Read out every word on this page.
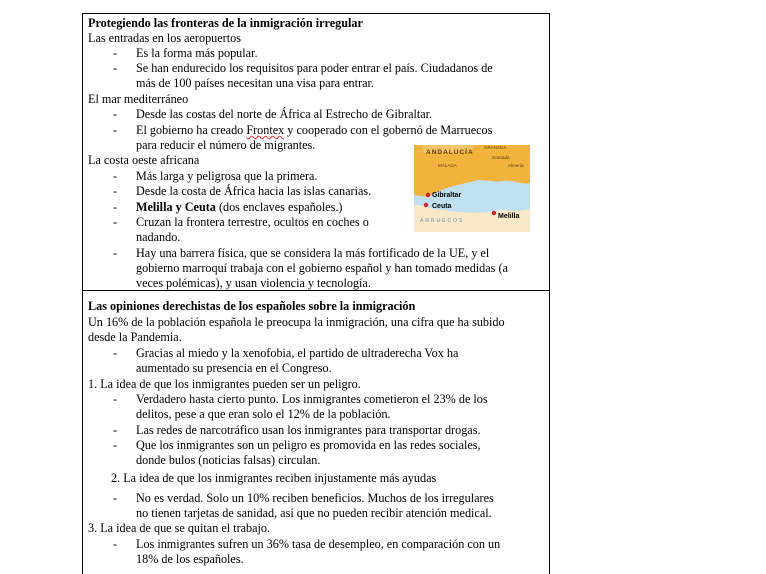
Protegiendo las fronteras de la inmigración irregular
Las entradas en los aeropuertos
- Es la forma más popular.
- Se han endurecido los requisitos para poder entrar el país. Ciudadanos de
más de 100 países necesitan una visa para entrar.
El mar mediterráneo
- Desde las costas del norte de África al Estrecho de Gibraltar.
- El gobierno ha creado Frontex y cooperado con el gobernó de Marruecos
para reducir el número de migrantes.
La costa oeste africana
- Más larga y peligrosa que la primera.
- Desde la costa de África hacia las islas canarias.
- Melilla y Ceuta (dos enclaves españoles.)
- Cruzan la frontera terrestre, ocultos en coches o
nadando.
- Hay una barrera física, que se considera la más fortificado de la UE, y el
gobierno marroquí trabaja con el gobierno español y han tomado medidas (a
veces polémicas), y usan violencia y tecnología.
ANDALUCÍA
GRANADA
MÁLAGA
Granada
Almería
Gibraltar
Ceuta
ARRUECOS
Melilla
Las opiniones derechistas de los españoles sobre la inmigración
Un 16% de la población española le preocupa la inmigración, una cifra que ha subido
desde la Pandemia.
- Gracias al miedo y la xenofobia, el partido de ultraderecha Vox ha
aumentado su presencia en el Congreso.
1. La idea de que los inmigrantes pueden ser un peligro.
- Verdadero hasta cierto punto. Los inmigrantes cometieron el 23% de los
delitos, pese a que eran solo el 12% de la población.
- Las redes de narcotráfico usan los inmigrantes para transportar drogas.
- Que los inmigrantes son un peligro es promovida en las redes sociales,
donde bulos (noticias falsas) circulan.
2. La idea de que los inmigrantes reciben injustamente más ayudas
- No es verdad. Solo un 10% reciben beneficios. Muchos de los irregulares
no tienen tarjetas de sanidad, así que no pueden recibir atención medical.
3. La idea de que se quitan el trabajo.
- Los inmigrantes sufren un 36% tasa de desempleo, en comparación con un
18% de los españoles.
